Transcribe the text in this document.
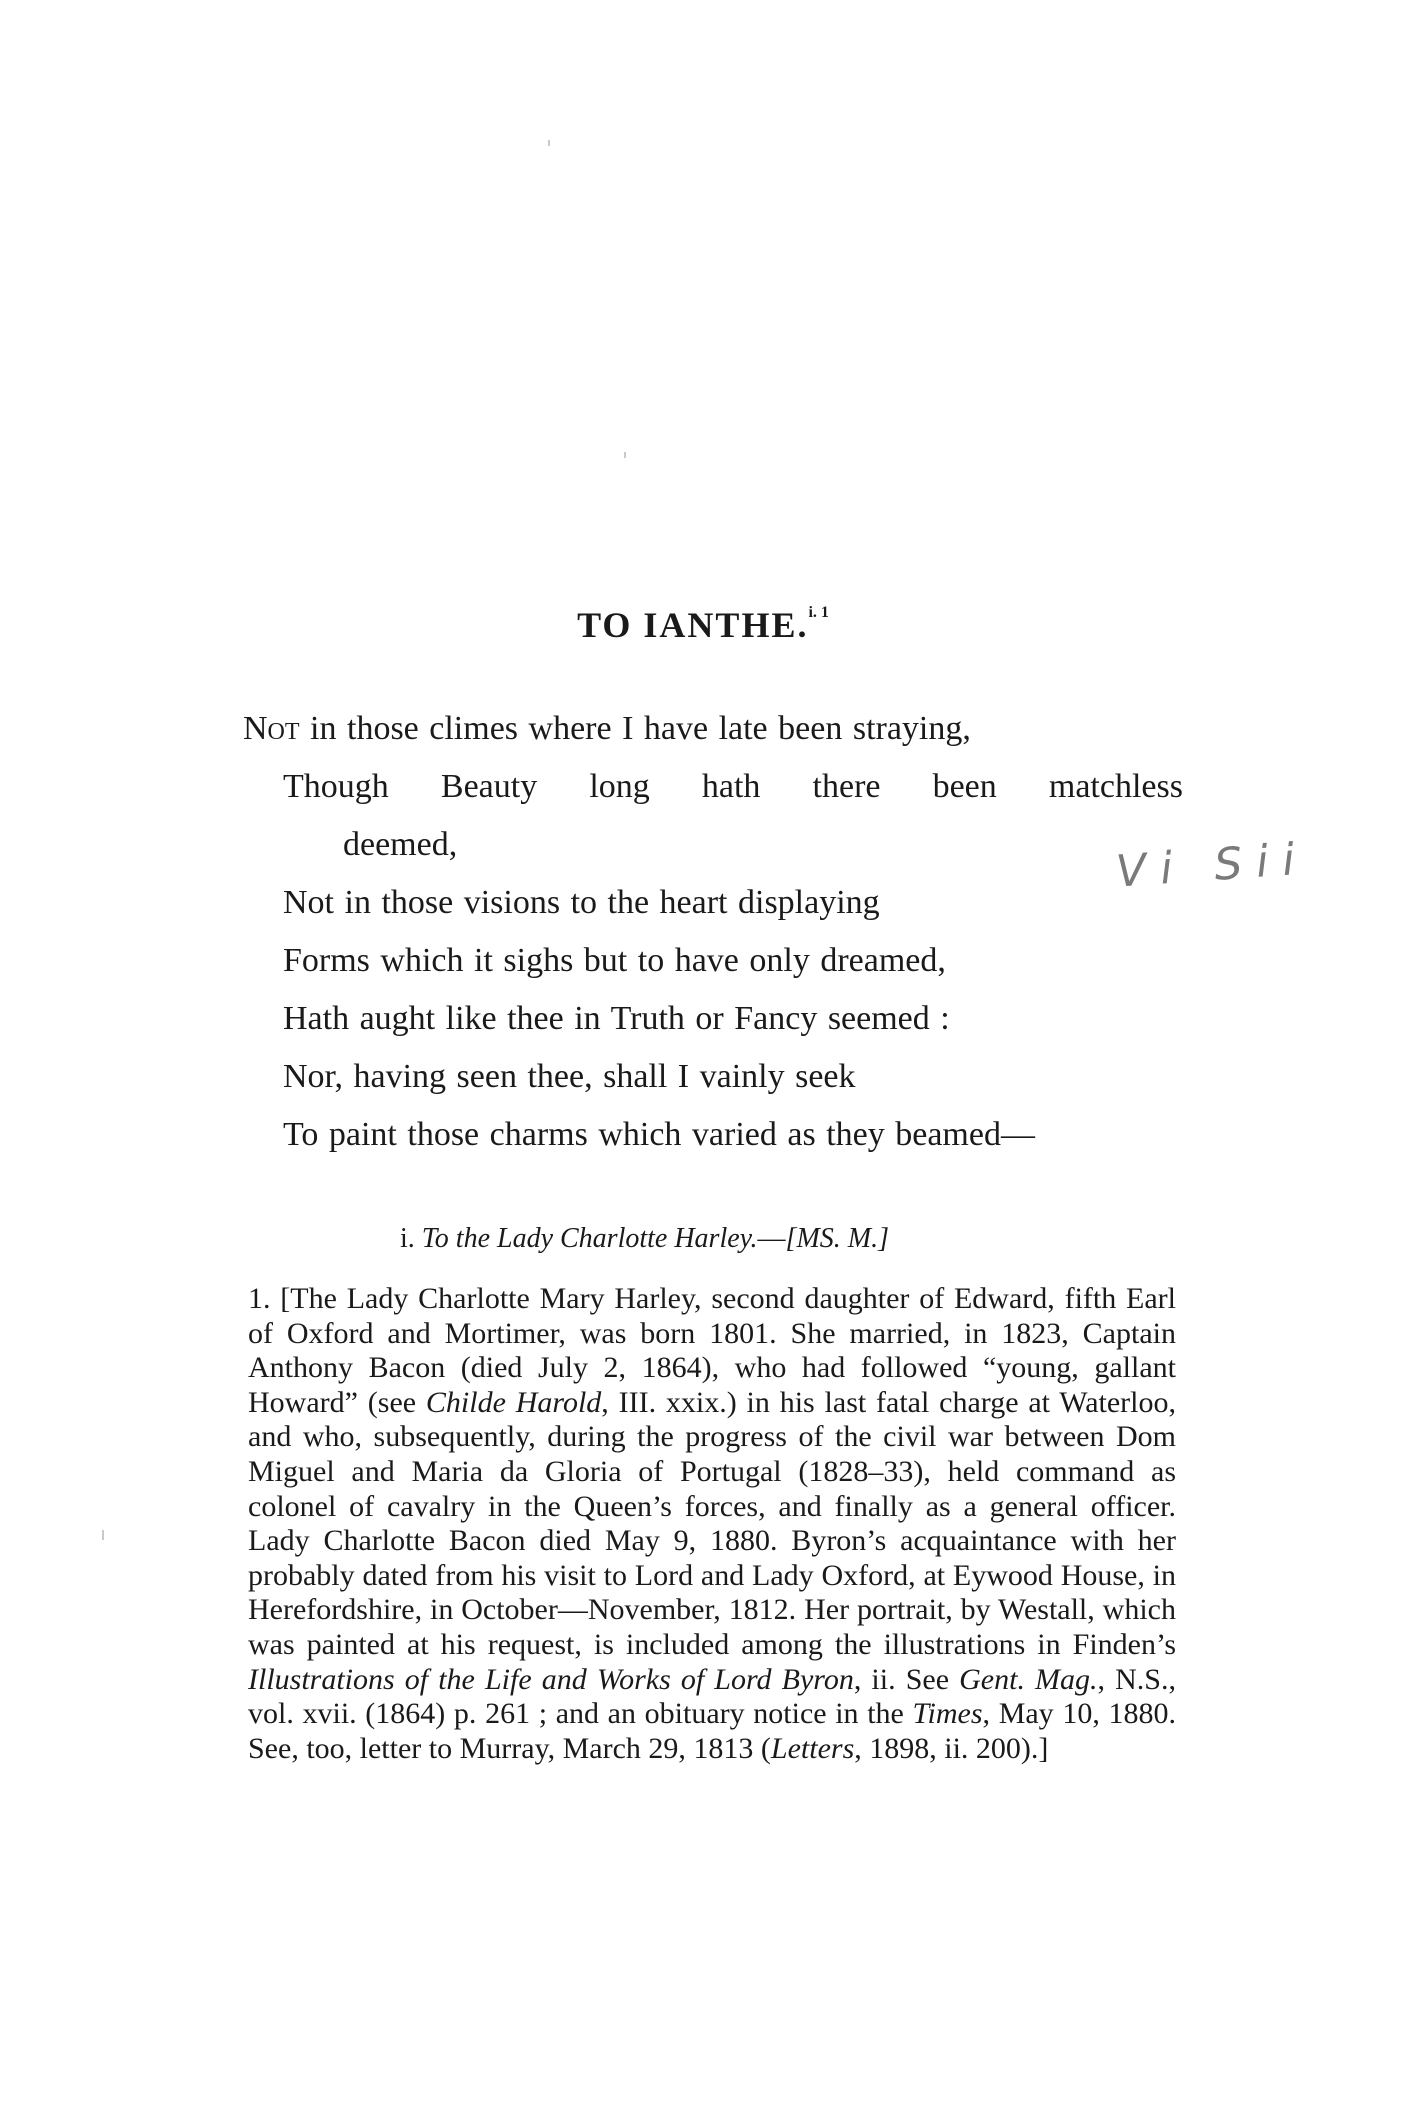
TO IANTHE.$^{i. 1}$
Not in those climes where I have late been straying,
Though Beauty long hath there been matchless
deemed,
Not in those visions to the heart displaying
Forms which it sighs but to have only dreamed,
Hath aught like thee in Truth or Fancy seemed :
Nor, having seen thee, shall I vainly seek
To paint those charms which varied as they beamed—
Vi Sii

i. To the Lady Charlotte Harley.—[MS. M.]

1. [The Lady Charlotte Mary Harley, second daughter of Edward, fifth Earl of Oxford and Mortimer, was born 1801. She married, in 1823, Captain Anthony Bacon (died July 2, 1864), who had followed “young, gallant Howard” (see Childe Harold, III. xxix.) in his last fatal charge at Waterloo, and who, subsequently, during the progress of the civil war between Dom Miguel and Maria da Gloria of Portugal (1828–33), held command as colonel of cavalry in the Queen’s forces, and finally as a general officer. Lady Charlotte Bacon died May 9, 1880. Byron’s acquaintance with her probably dated from his visit to Lord and Lady Oxford, at Eywood House, in Herefordshire, in October—November, 1812. Her portrait, by Westall, which was painted at his request, is included among the illustrations in Finden’s Illustrations of the Life and Works of Lord Byron, ii. See Gent. Mag., N.S., vol. xvii. (1864) p. 261 ; and an obituary notice in the Times, May 10, 1880. See, too, letter to Murray, March 29, 1813 (Letters, 1898, ii. 200).]
